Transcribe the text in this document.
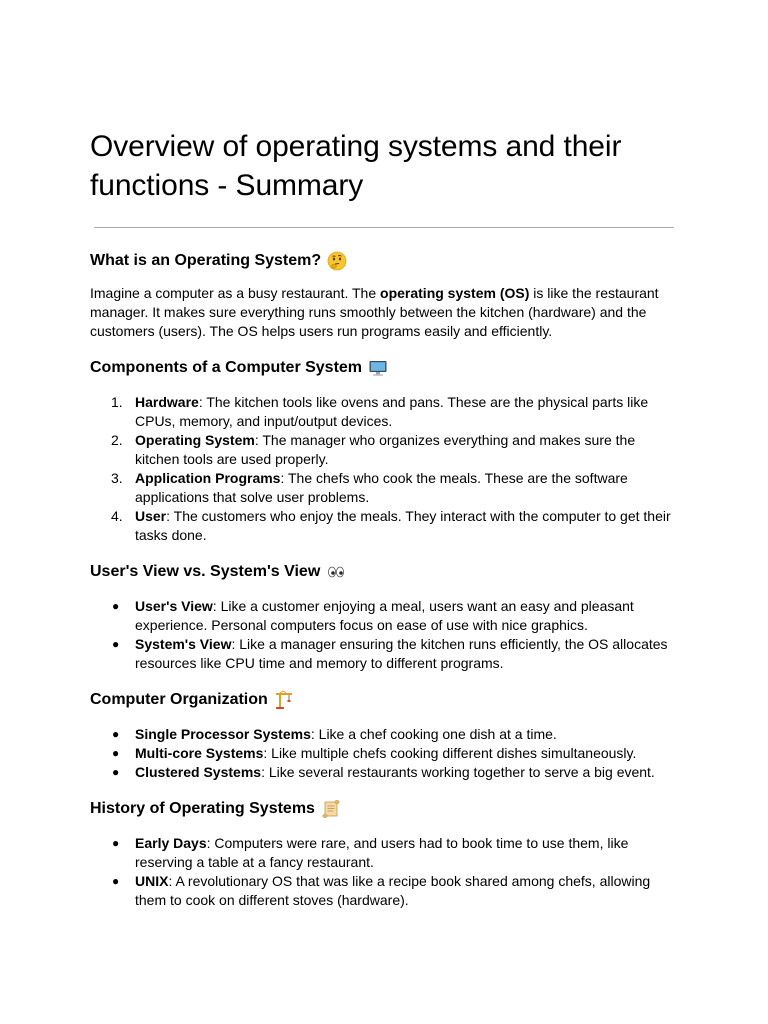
Overview of operating systems and their
functions - Summary
What is an Operating System?

Imagine a computer as a busy restaurant. The operating system (OS) is like the restaurant manager. It makes sure everything runs smoothly between the kitchen (hardware) and the customers (users). The OS helps users run programs easily and efficiently.

Components of a Computer System
1. Hardware: The kitchen tools like ovens and pans. These are the physical parts like CPUs, memory, and input/output devices.
2. Operating System: The manager who organizes everything and makes sure the kitchen tools are used properly.
3. Application Programs: The chefs who cook the meals. These are the software applications that solve user problems.
4. User: The customers who enjoy the meals. They interact with the computer to get their tasks done.
User's View vs. System's View
● User's View: Like a customer enjoying a meal, users want an easy and pleasant experience. Personal computers focus on ease of use with nice graphics.
● System's View: Like a manager ensuring the kitchen runs efficiently, the OS allocates resources like CPU time and memory to different programs.
Computer Organization
● Single Processor Systems: Like a chef cooking one dish at a time.
● Multi-core Systems: Like multiple chefs cooking different dishes simultaneously.
● Clustered Systems: Like several restaurants working together to serve a big event.
History of Operating Systems
● Early Days: Computers were rare, and users had to book time to use them, like reserving a table at a fancy restaurant.
● UNIX: A revolutionary OS that was like a recipe book shared among chefs, allowing them to cook on different stoves (hardware).
